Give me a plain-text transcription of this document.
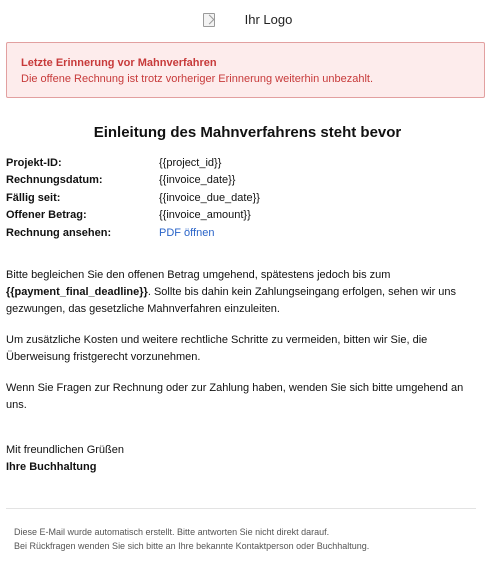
Ihr Logo
Letzte Erinnerung vor Mahnverfahren
Die offene Rechnung ist trotz vorheriger Erinnerung weiterhin unbezahlt.
Einleitung des Mahnverfahrens steht bevor
Projekt-ID:	{{project_id}}
Rechnungsdatum:	{{invoice_date}}
Fällig seit:	{{invoice_due_date}}
Offener Betrag:	{{invoice_amount}}
Rechnung ansehen:	PDF öffnen

Bitte begleichen Sie den offenen Betrag umgehend, spätestens jedoch bis zum {{payment_final_deadline}}. Sollte bis dahin kein Zahlungseingang erfolgen, sehen wir uns gezwungen, das gesetzliche Mahnverfahren einzuleiten.

Um zusätzliche Kosten und weitere rechtliche Schritte zu vermeiden, bitten wir Sie, die Überweisung fristgerecht vorzunehmen.

Wenn Sie Fragen zur Rechnung oder zur Zahlung haben, wenden Sie sich bitte umgehend an uns.

Mit freundlichen Grüßen
Ihre Buchhaltung
Diese E-Mail wurde automatisch erstellt. Bitte antworten Sie nicht direkt darauf.
Bei Rückfragen wenden Sie sich bitte an Ihre bekannte Kontaktperson oder Buchhaltung.
